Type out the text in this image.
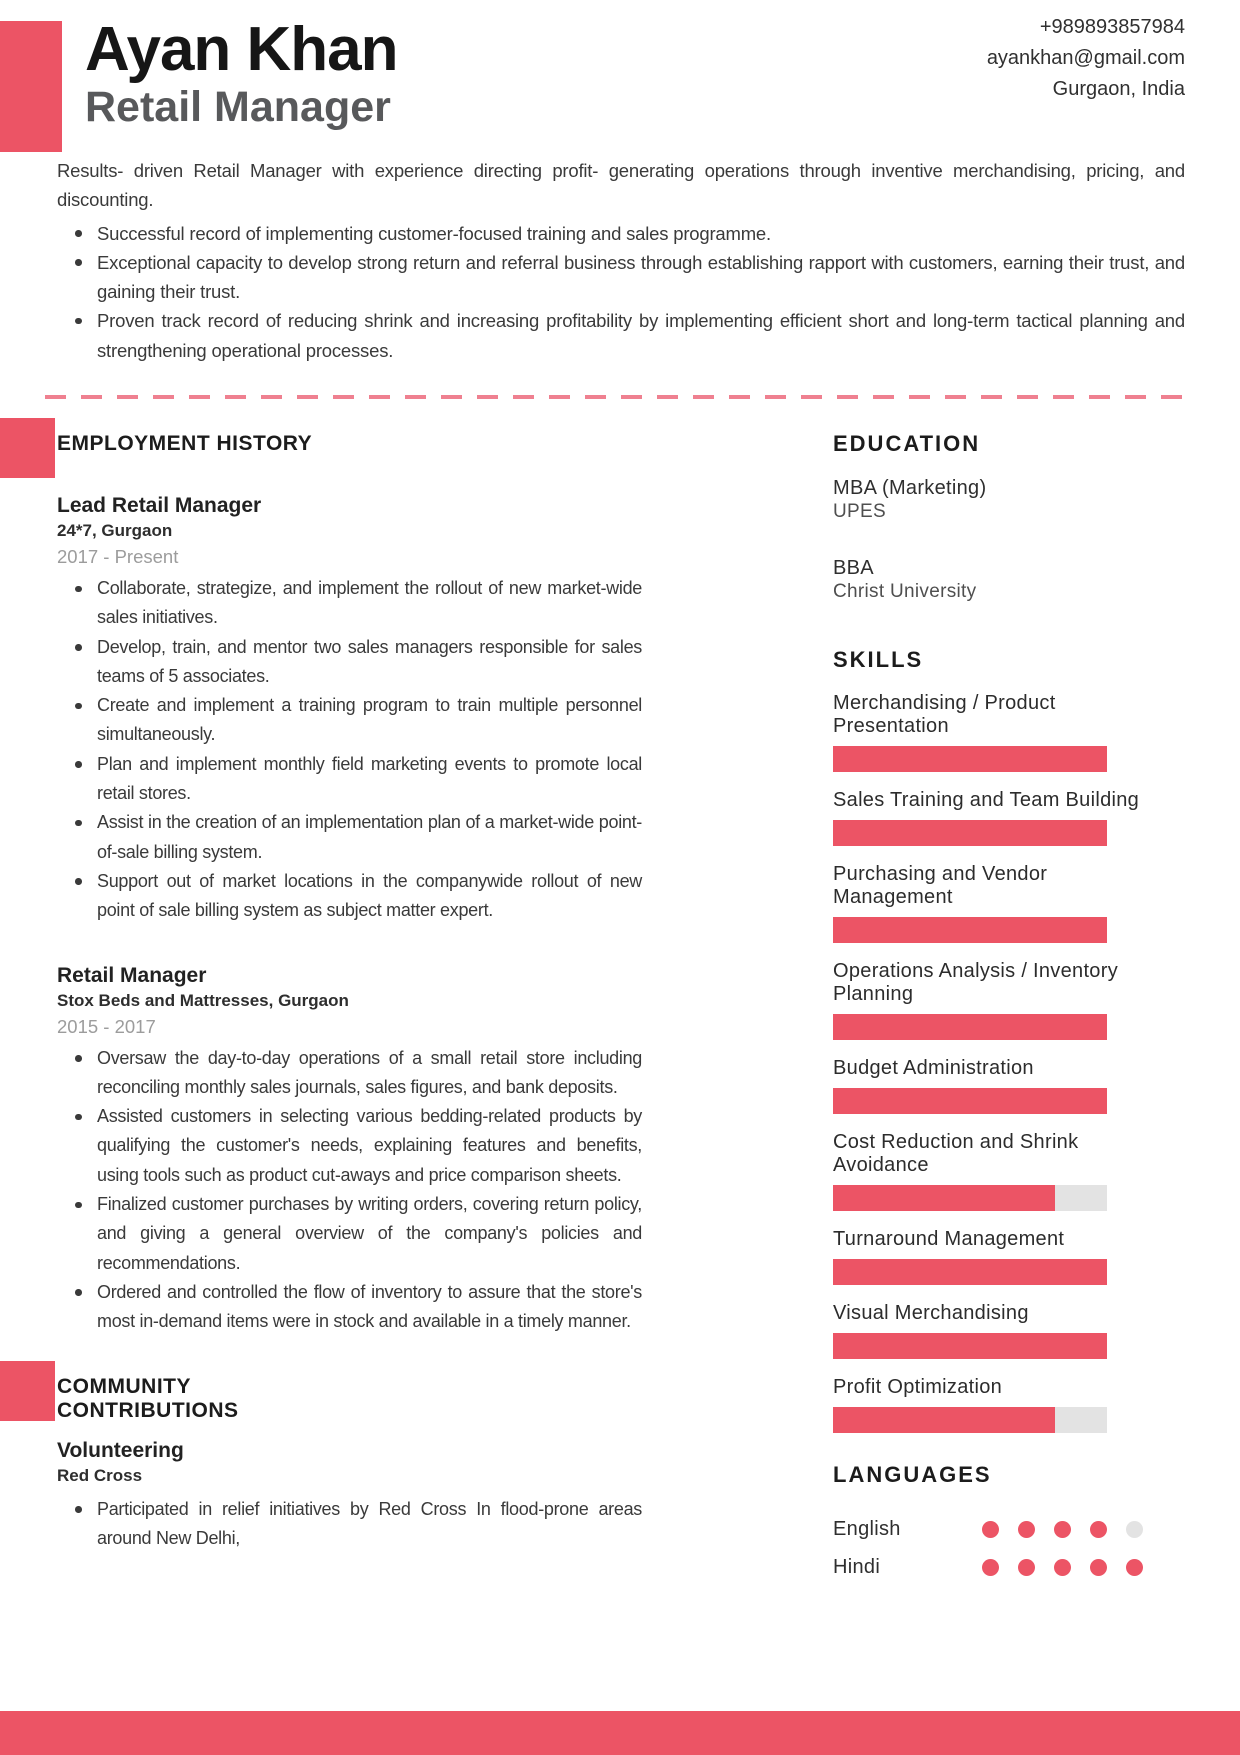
Ayan Khan
Retail Manager
+989893857984
ayankhan@gmail.com
Gurgaon, India

Results- driven Retail Manager with experience directing profit- generating operations through inventive merchandising, pricing, and discounting.

Successful record of implementing customer-focused training and sales programme.
Exceptional capacity to develop strong return and referral business through establishing rapport with customers, earning their trust, and gaining their trust.
Proven track record of reducing shrink and increasing profitability by implementing efficient short and long-term tactical planning and strengthening operational processes.
EMPLOYMENT HISTORY
Lead Retail Manager
24*7, Gurgaon
2017 - Present
Collaborate, strategize, and implement the rollout of new market-wide sales initiatives.
Develop, train, and mentor two sales managers responsible for sales teams of 5 associates.
Create and implement a training program to train multiple personnel simultaneously.
Plan and implement monthly field marketing events to promote local retail stores.
Assist in the creation of an implementation plan of a market-wide point-of-sale billing system.
Support out of market locations in the companywide rollout of new point of sale billing system as subject matter expert.
Retail Manager
Stox Beds and Mattresses, Gurgaon
2015 - 2017
Oversaw the day-to-day operations of a small retail store including reconciling monthly sales journals, sales figures, and bank deposits.
Assisted customers in selecting various bedding-related products by qualifying the customer's needs, explaining features and benefits, using tools such as product cut-aways and price comparison sheets.
Finalized customer purchases by writing orders, covering return policy, and giving a general overview of the company's policies and recommendations.
Ordered and controlled the flow of inventory to assure that the store's most in-demand items were in stock and available in a timely manner.
COMMUNITY
CONTRIBUTIONS
Volunteering
Red Cross
Participated in relief initiatives by Red Cross In flood-prone areas around New Delhi,
EDUCATION
MBA (Marketing)
UPES
BBA
Christ University
SKILLS
Merchandising / Product Presentation
Sales Training and Team Building
Purchasing and Vendor Management
Operations Analysis / Inventory Planning
Budget Administration
Cost Reduction and Shrink Avoidance
Turnaround Management
Visual Merchandising
Profit Optimization
LANGUAGES
English
Hindi
